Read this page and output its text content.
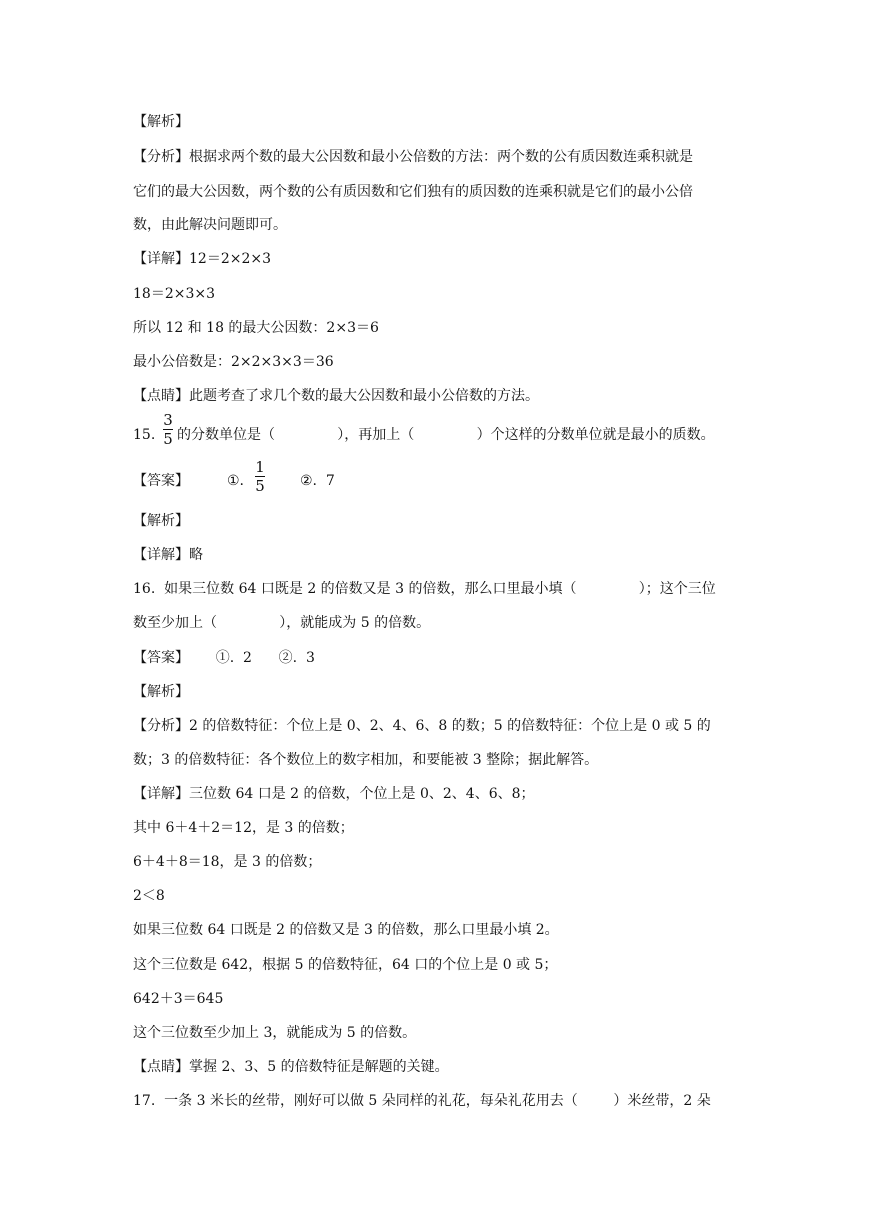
【解析】
【分析】根据求两个数的最大公因数和最小公倍数的方法：两个数的公有质因数连乘积就是
它们的最大公因数，两个数的公有质因数和它们独有的质因数的连乘积就是它们的最小公倍
数，由此解决问题即可。
【详解】12＝2×2×3
18＝2×3×3
所以 12 和 18 的最大公因数：2×3＝6
最小公倍数是：2×2×3×3＝36
【点睛】此题考查了求几个数的最大公因数和最小公倍数的方法。
15.
3
5 的分数单位是（              ），再加上（              ）个这样的分数单位就是最小的质数。
【答案】	①.
1
5	②.  7
【解析】
【详解】略
16.  如果三位数 64 口既是 2 的倍数又是 3 的倍数，那么口里最小填（              ）；这个三位
数至少加上（              ），就能成为 5 的倍数。
【答案】      ①.  2      ②.  3
【解析】
【分析】2 的倍数特征：个位上是 0、2、4、6、8 的数；5 的倍数特征：个位上是 0 或 5 的
数；3 的倍数特征：各个数位上的数字相加，和要能被 3 整除；据此解答。
【详解】三位数 64 口是 2 的倍数，个位上是 0、2、4、6、8；
其中 6＋4＋2＝12，是 3 的倍数；
6＋4＋8＝18，是 3 的倍数；
2＜8
如果三位数 64 口既是 2 的倍数又是 3 的倍数，那么口里最小填 2。
这个三位数是 642，根据 5 的倍数特征，64 口的个位上是 0 或 5；
642＋3＝645
这个三位数至少加上 3，就能成为 5 的倍数。
【点睛】掌握 2、3、5 的倍数特征是解题的关键。
17.  一条 3 米长的丝带，刚好可以做 5 朵同样的礼花，每朵礼花用去（        ）米丝带，2 朵
